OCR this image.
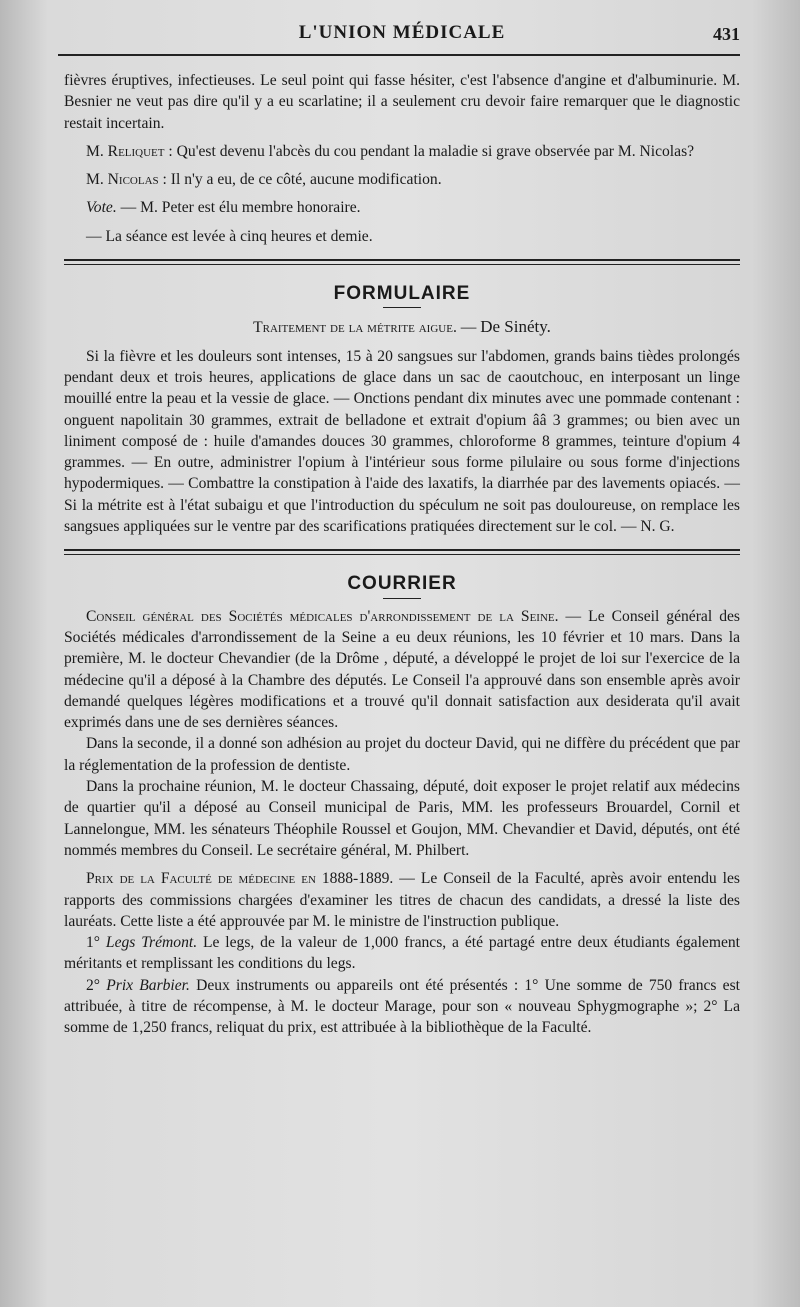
L'UNION MÉDICALE	431

fièvres éruptives, infectieuses. Le seul point qui fasse hésiter, c'est l'absence d'angine et d'albuminurie. M. Besnier ne veut pas dire qu'il y a eu scarlatine; il a seulement cru devoir faire remarquer que le diagnostic restait incertain.

M. Reliquet : Qu'est devenu l'abcès du cou pendant la maladie si grave observée par M. Nicolas?

M. Nicolas : Il n'y a eu, de ce côté, aucune modification.

Vote. — M. Peter est élu membre honoraire.

— La séance est levée à cinq heures et demie.

FORMULAIRE
Traitement de la métrite aigue. — De Sinéty.

Si la fièvre et les douleurs sont intenses, 15 à 20 sangsues sur l'abdomen, grands bains tièdes prolongés pendant deux et trois heures, applications de glace dans un sac de caoutchouc, en interposant un linge mouillé entre la peau et la vessie de glace. — Onctions pendant dix minutes avec une pommade contenant : onguent napolitain 30 grammes, extrait de belladone et extrait d'opium ââ 3 grammes; ou bien avec un liniment composé de : huile d'amandes douces 30 grammes, chloroforme 8 grammes, teinture d'opium 4 grammes. — En outre, administrer l'opium à l'intérieur sous forme pilulaire ou sous forme d'injections hypodermiques. — Combattre la constipation à l'aide des laxatifs, la diarrhée par des lavements opiacés. — Si la métrite est à l'état subaigu et que l'introduction du spéculum ne soit pas douloureuse, on remplace les sangsues appliquées sur le ventre par des scarifications pratiquées directement sur le col. — N. G.

COURRIER

Conseil général des Sociétés médicales d'arrondissement de la Seine. — Le Conseil général des Sociétés médicales d'arrondissement de la Seine a eu deux réunions, les 10 février et 10 mars. Dans la première, M. le docteur Chevandier (de la Drôme , député, a développé le projet de loi sur l'exercice de la médecine qu'il a déposé à la Chambre des députés. Le Conseil l'a approuvé dans son ensemble après avoir demandé quelques légères modifications et a trouvé qu'il donnait satisfaction aux desiderata qu'il avait exprimés dans une de ses dernières séances.

Dans la seconde, il a donné son adhésion au projet du docteur David, qui ne diffère du précédent que par la réglementation de la profession de dentiste.

Dans la prochaine réunion, M. le docteur Chassaing, député, doit exposer le projet relatif aux médecins de quartier qu'il a déposé au Conseil municipal de Paris, MM. les professeurs Brouardel, Cornil et Lannelongue, MM. les sénateurs Théophile Roussel et Goujon, MM. Chevandier et David, députés, ont été nommés membres du Conseil. Le secrétaire général, M. Philbert.

Prix de la Faculté de médecine en 1888-1889. — Le Conseil de la Faculté, après avoir entendu les rapports des commissions chargées d'examiner les titres de chacun des candidats, a dressé la liste des lauréats. Cette liste a été approuvée par M. le ministre de l'instruction publique.

1° Legs Trémont. Le legs, de la valeur de 1,000 francs, a été partagé entre deux étudiants également méritants et remplissant les conditions du legs.

2° Prix Barbier. Deux instruments ou appareils ont été présentés : 1° Une somme de 750 francs est attribuée, à titre de récompense, à M. le docteur Marage, pour son « nouveau Sphygmographe »; 2° La somme de 1,250 francs, reliquat du prix, est attribuée à la bibliothèque de la Faculté.
